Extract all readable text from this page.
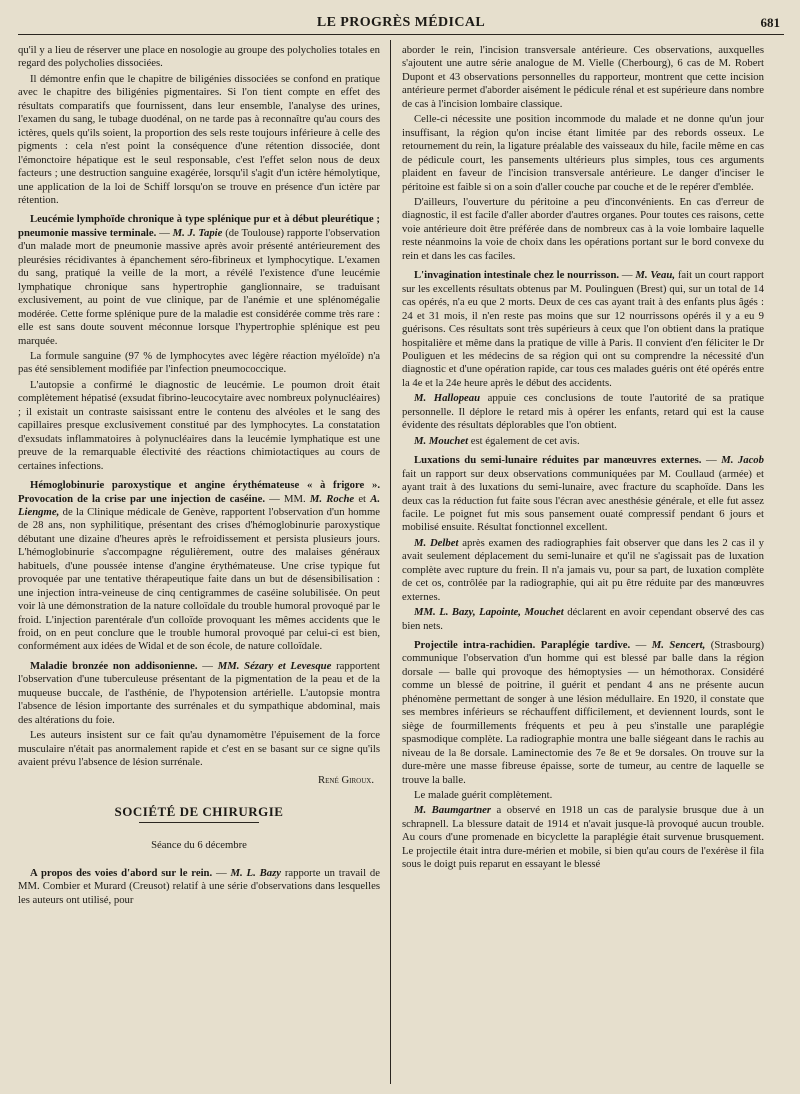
LE PROGRÈS MÉDICAL	681

qu'il y a lieu de réserver une place en nosologie au groupe des polycholies totales en regard des polycholies dissociées.

Il démontre enfin que le chapitre de biligénies dissociées se confond en pratique avec le chapitre des biligénies pigmentaires. Si l'on tient compte en effet des résultats comparatifs que fournissent, dans leur ensemble, l'analyse des urines, l'examen du sang, le tubage duodénal, on ne tarde pas à reconnaître qu'au cours des ictères, quels qu'ils soient, la proportion des sels reste toujours inférieure à celle des pigments : cela n'est point la conséquence d'une rétention dissociée, dont l'émonctoire hépatique est le seul responsable, c'est l'effet selon nous de deux facteurs ; une destruction sanguine exagérée, lorsqu'il s'agit d'un ictère hémolytique, une application de la loi de Schiff lorsqu'on se trouve en présence d'un ictère par rétention.

Leucémie lymphoïde chronique à type splénique pur et à début pleurétique ; pneumonie massive terminale. — M. J. Tapie (de Toulouse) rapporte l'observation d'un malade mort de pneumonie massive après avoir présenté antérieurement des pleurésies récidivantes à épanchement séro-fibrineux et lymphocytique. L'examen du sang, pratiqué la veille de la mort, a révélé l'existence d'une leucémie lymphatique chronique sans hypertrophie ganglionnaire, se traduisant exclusivement, au point de vue clinique, par de l'anémie et une splénomégalie modérée. Cette forme splénique pure de la maladie est considérée comme très rare : elle est sans doute souvent méconnue lorsque l'hypertrophie splénique est peu marquée.

La formule sanguine (97 % de lymphocytes avec légère réaction myéloïde) n'a pas été sensiblement modifiée par l'infection pneumococcique.

L'autopsie a confirmé le diagnostic de leucémie. Le poumon droit était complètement hépatisé (exsudat fibrino-leucocytaire avec nombreux polynucléaires) ; il existait un contraste saisissant entre le contenu des alvéoles et le sang des capillaires presque exclusivement constitué par des lymphocytes. La constatation d'exsudats inflammatoires à polynucléaires dans la leucémie lymphatique est une preuve de la remarquable électivité des réactions chimiotactiques au cours de certaines infections.

Hémoglobinurie paroxystique et angine érythémateuse « à frigore ». Provocation de la crise par une injection de caséine. — MM. M. Roche et A. Liengme, de la Clinique médicale de Genève, rapportent l'observation d'un homme de 28 ans, non syphilitique, présentant des crises d'hémoglobinurie paroxystique débutant une dizaine d'heures après le refroidissement et persista plusieurs jours. L'hémoglobinurie s'accompagne régulièrement, outre des malaises généraux habituels, d'une poussée intense d'angine érythémateuse. Une crise typique fut provoquée par une tentative thérapeutique faite dans un but de désensibilisation : une injection intra-veineuse de cinq centigrammes de caséine solubilisée. On peut voir là une démonstration de la nature colloïdale du trouble humoral provoqué par le froid. L'injection parentérale d'un colloïde provoquant les mêmes accidents que le froid, on en peut conclure que le trouble humoral provoqué par celui-ci est bien, conformément aux idées de Widal et de son école, de nature colloïdale.

Maladie bronzée non addisonienne. — MM. Sézary et Levesque rapportent l'observation d'une tuberculeuse présentant de la pigmentation de la peau et de la muqueuse buccale, de l'asthénie, de l'hypotension artérielle. L'autopsie montra l'absence de lésion importante des surrénales et du sympathique abdominal, mais des altérations du foie.

Les auteurs insistent sur ce fait qu'au dynamomètre l'épuisement de la force musculaire n'était pas anormalement rapide et c'est en se basant sur ce signe qu'ils avaient prévu l'absence de lésion surrénale.

René Giroux.

SOCIÉTÉ DE CHIRURGIE
Séance du 6 décembre

A propos des voies d'abord sur le rein. — M. L. Bazy rapporte un travail de MM. Combier et Murard (Creusot) relatif à une série d'observations dans lesquelles les auteurs ont utilisé, pour

aborder le rein, l'incision transversale antérieure. Ces observations, auxquelles s'ajoutent une autre série analogue de M. Vielle (Cherbourg), 6 cas de M. Robert Dupont et 43 observations personnelles du rapporteur, montrent que cette incision antérieure permet d'aborder aisément le pédicule rénal et est supérieure dans nombre de cas à l'incision lombaire classique.

Celle-ci nécessite une position incommode du malade et ne donne qu'un jour insuffisant, la région qu'on incise étant limitée par des rebords osseux. Le retournement du rein, la ligature préalable des vaisseaux du hile, facile même en cas de pédicule court, les pansements ultérieurs plus simples, tous ces arguments plaident en faveur de l'incision transversale antérieure. Le danger d'inciser le péritoine est faible si on a soin d'aller couche par couche et de le repérer d'emblée.

D'ailleurs, l'ouverture du péritoine a peu d'inconvénients. En cas d'erreur de diagnostic, il est facile d'aller aborder d'autres organes. Pour toutes ces raisons, cette voie antérieure doit être préférée dans de nombreux cas à la voie lombaire laquelle reste néanmoins la voie de choix dans les opérations portant sur le bord convexe du rein et dans les cas faciles.

L'invagination intestinale chez le nourrisson. — M. Veau, fait un court rapport sur les excellents résultats obtenus par M. Poulinguen (Brest) qui, sur un total de 14 cas opérés, n'a eu que 2 morts. Deux de ces cas ayant trait à des enfants plus âgés : 24 et 31 mois, il n'en reste pas moins que sur 12 nourrissons opérés il y a eu 9 guérisons. Ces résultats sont très supérieurs à ceux que l'on obtient dans la pratique hospitalière et même dans la pratique de ville à Paris. Il convient d'en féliciter le Dr Pouliguen et les médecins de sa région qui ont su comprendre la nécessité d'un diagnostic et d'une opération rapide, car tous ces malades guéris ont été opérés entre la 4e et la 24e heure après le début des accidents.

M. Hallopeau appuie ces conclusions de toute l'autorité de sa pratique personnelle. Il déplore le retard mis à opérer les enfants, retard qui est la cause évidente des résultats déplorables que l'on obtient.

M. Mouchet est également de cet avis.

Luxations du semi-lunaire réduites par manœuvres externes. — M. Jacob fait un rapport sur deux observations communiquées par M. Coullaud (armée) et ayant trait à des luxations du semi-lunaire, avec fracture du scaphoïde. Dans les deux cas la réduction fut faite sous l'écran avec anesthésie générale, et elle fut assez facile. Le poignet fut mis sous pansement ouaté compressif pendant 6 jours et mobilisé ensuite. Résultat fonctionnel excellent.

M. Delbet après examen des radiographies fait observer que dans les 2 cas il y avait seulement déplacement du semi-lunaire et qu'il ne s'agissait pas de luxation complète avec rupture du frein. Il n'a jamais vu, pour sa part, de luxation complète de cet os, contrôlée par la radiographie, qui ait pu être réduite par des manœuvres externes.

MM. L. Bazy, Lapointe, Mouchet déclarent en avoir cependant observé des cas bien nets.

Projectile intra-rachidien. Paraplégie tardive. — M. Sencert, (Strasbourg) communique l'observation d'un homme qui est blessé par balle dans la région dorsale — balle qui provoque des hémoptysies — un hémothorax. Considéré comme un blessé de poitrine, il guérit et pendant 4 ans ne présente aucun phénomène permettant de songer à une lésion médullaire. En 1920, il constate que ses membres inférieurs se réchauffent difficilement, et deviennent lourds, sont le siège de fourmillements fréquents et peu à peu s'installe une paraplégie spasmodique complète. La radiographie montra une balle siégeant dans le rachis au niveau de la 8e dorsale. Laminectomie des 7e 8e et 9e dorsales. On trouve sur la dure-mère une masse fibreuse épaisse, sorte de tumeur, au centre de laquelle se trouve la balle.

Le malade guérit complètement.

M. Baumgartner a observé en 1918 un cas de paralysie brusque due à un schrapnell. La blessure datait de 1914 et n'avait jusque-là provoqué aucun trouble. Au cours d'une promenade en bicyclette la paraplégie était survenue brusquement. Le projectile était intra dure-mérien et mobile, si bien qu'au cours de l'exérèse il fila sous le doigt puis reparut en essayant le blessé
